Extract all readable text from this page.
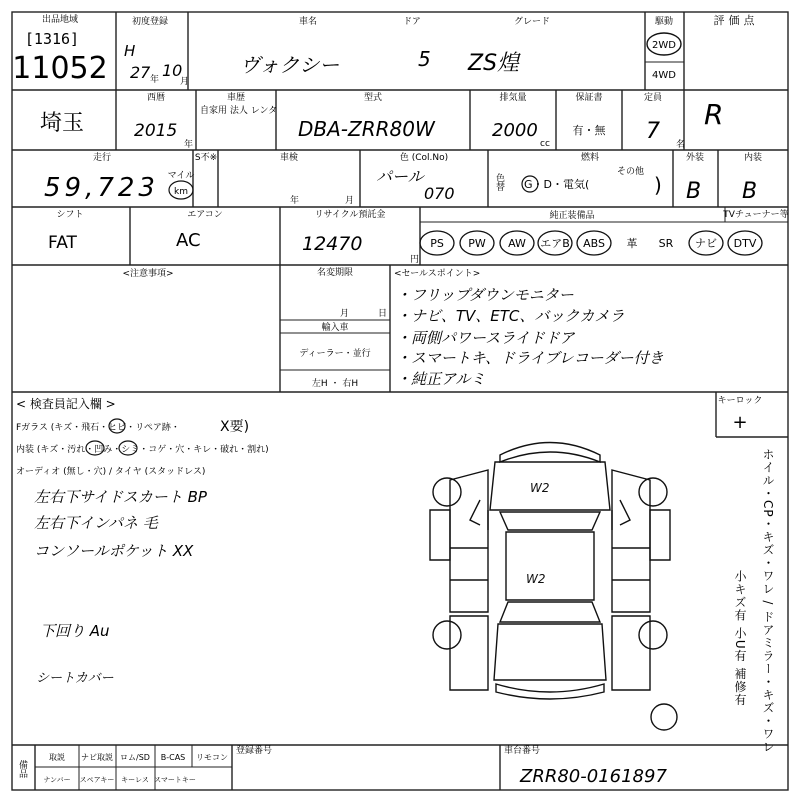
出品地域
[1316]
11052
初度登録
H
27 年 10
月
車名	ドア	グレード
ヴォクシー	5 ZS煌
駆動
2WD
4WD
評価点
埼玉
西暦
2015
年
車歴
自家用 法人 レンタ
型式
DBA-ZRR80W
排気量
2000
cc
保証書
有・無
定員
7
名
R
走行	S不※
59,723 マイル
km
車検
年	月
色 (Col.No)
パール
070
色替
燃料
G・D・電気(
その他
)
外装
B
内装
B
シフト
FAT
エアコン
AC
リサイクル預託金
12470
円
純正装備品	TVチューナー等
PS PW AW エアB ABS 革 SR ナビ DTV
<注意事項>	名変期限
月	日
輸入車
ディーラー・並行
左H ・ 右H
<セールスポイント>
・フリップダウンモニター
・ナビ、TV、ETC、バックカメラ
・両側パワースライドドア
・スマートキ、ドライブレコーダー付き
・純正アルミ
< 検査員記入欄 >
Fガラス (キズ・飛石・ヒビ・リペア跡・	X要)
内装 (キズ・汚れ・凹み・シミ・コゲ・穴・キレ・破れ・割れ)
オーディオ (無し・穴) / タイヤ (スタッドレス)
左右下サイドスカート BP
左右下インパネ 毛
コンソールポケット XX
下回り Au
シートカバー
キーロック
+
ホイル・CP・キズ・ワレ / ドアミラー・キズ・ワレ
小キズ有 小U有 補修有
W2
W2
備品
取説 ナビ取説 ロム/SD B-CAS リモコン
ナンバー スペアキー キーレス スマートキー
登録番号	車台番号
ZRR80-0161897
